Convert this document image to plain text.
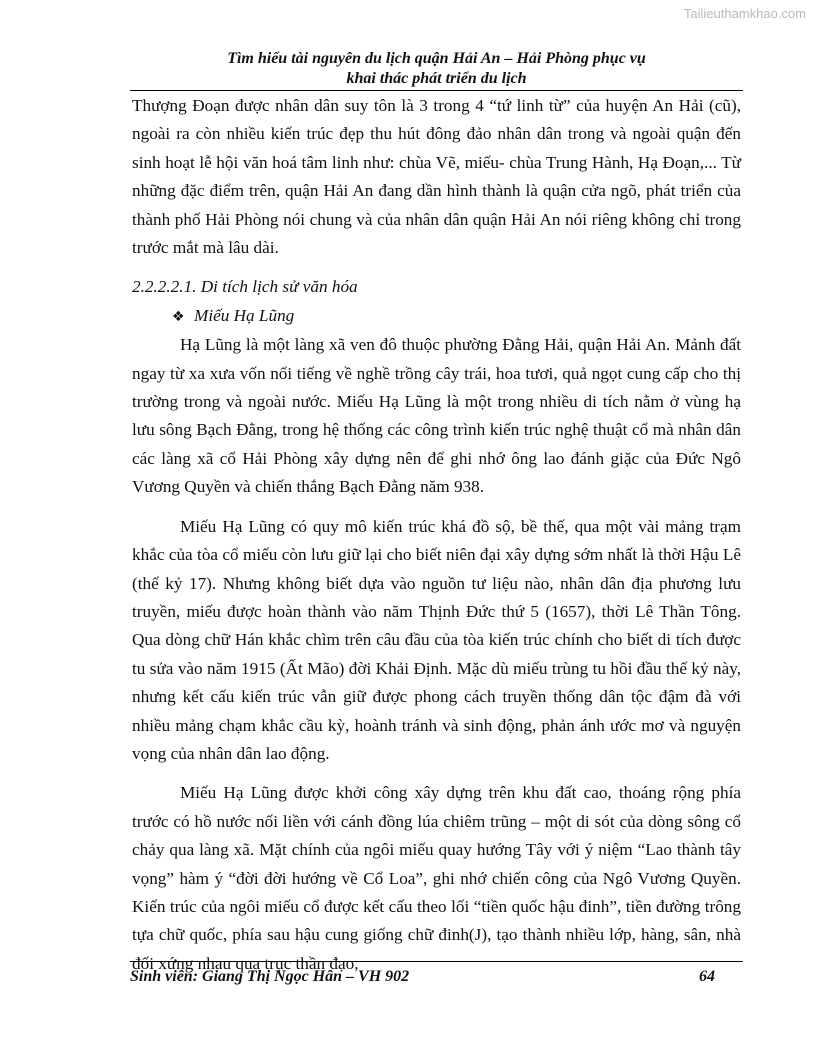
Tailieuthamkhao.com
Tìm hiểu tài nguyên du lịch quận Hải An – Hải Phòng phục vụ
khai thác phát triển du lịch

Thượng Đoạn được nhân dân suy tôn là 3 trong 4 “tứ linh từ” của huyện An Hải (cũ), ngoài ra còn nhiều kiến trúc đẹp thu hút đông đảo nhân dân trong và ngoài quận đến sinh hoạt lễ hội văn hoá tâm linh như: chùa Vẽ, miếu- chùa Trung Hành, Hạ Đoạn,... Từ những đặc điểm trên, quận Hải An đang dần hình thành là quận cửa ngõ, phát triển của thành phố Hải Phòng nói chung và của nhân dân quận Hải An nói riêng không chỉ trong trước mắt mà lâu dài.

2.2.2.2.1. Di tích lịch sử văn hóa

❖ Miếu Hạ Lũng

Hạ Lũng là một làng xã ven đô thuộc phường Đằng Hải, quận Hải An. Mảnh đất ngay từ xa xưa vốn nổi tiếng về nghề trồng cây trái, hoa tươi, quả ngọt cung cấp cho thị trường trong và ngoài nước. Miếu Hạ Lũng là một trong nhiều di tích nằm ở vùng hạ lưu sông Bạch Đằng, trong hệ thống các công trình kiến trúc nghệ thuật cổ mà nhân dân các làng xã cổ Hải Phòng xây dựng nên để ghi nhớ ông lao đánh giặc của Đức Ngô Vương Quyền và chiến thắng Bạch Đằng năm 938.

Miếu Hạ Lũng có quy mô kiến trúc khá đồ sộ, bề thế, qua một vài mảng trạm khắc của tòa cổ miếu còn lưu giữ lại cho biết niên đại xây dựng sớm nhất là thời Hậu Lê (thế kỷ 17). Nhưng không biết dựa vào nguồn tư liệu nào, nhân dân địa phương lưu truyền, miếu được hoàn thành vào năm Thịnh Đức thứ 5 (1657), thời Lê Thần Tông. Qua dòng chữ Hán khắc chìm trên câu đầu của tòa kiến trúc chính cho biết di tích được tu sửa vào năm 1915 (Ất Mão) đời Khải Định. Mặc dù miếu trùng tu hồi đầu thế kỷ này, nhưng kết cấu kiến trúc vẫn giữ được phong cách truyền thống dân tộc đậm đà với nhiều mảng chạm khắc cầu kỳ, hoành tránh và sinh động, phản ánh ước mơ và nguyện vọng của nhân dân lao động.

Miếu Hạ Lũng được khởi công xây dựng trên khu đất cao, thoáng rộng phía trước có hồ nước nối liền với cánh đồng lúa chiêm trũng – một di sót của dòng sông cổ chảy qua làng xã. Mặt chính của ngôi miếu quay hướng Tây với ý niệm “Lao thành tây vọng” hàm ý “đời đời hướng về Cổ Loa”, ghi nhớ chiến công của Ngô Vương Quyền. Kiến trúc của ngôi miếu cổ được kết cấu theo lối “tiền quốc hậu đinh”, tiền đường trông tựa chữ quốc, phía sau hậu cung giống chữ đinh(J), tạo thành nhiều lớp, hàng, sân, nhà đối xứng nhau qua trục thần đạo,

Sinh viên: Giang Thị Ngọc Hân – VH 902	64
